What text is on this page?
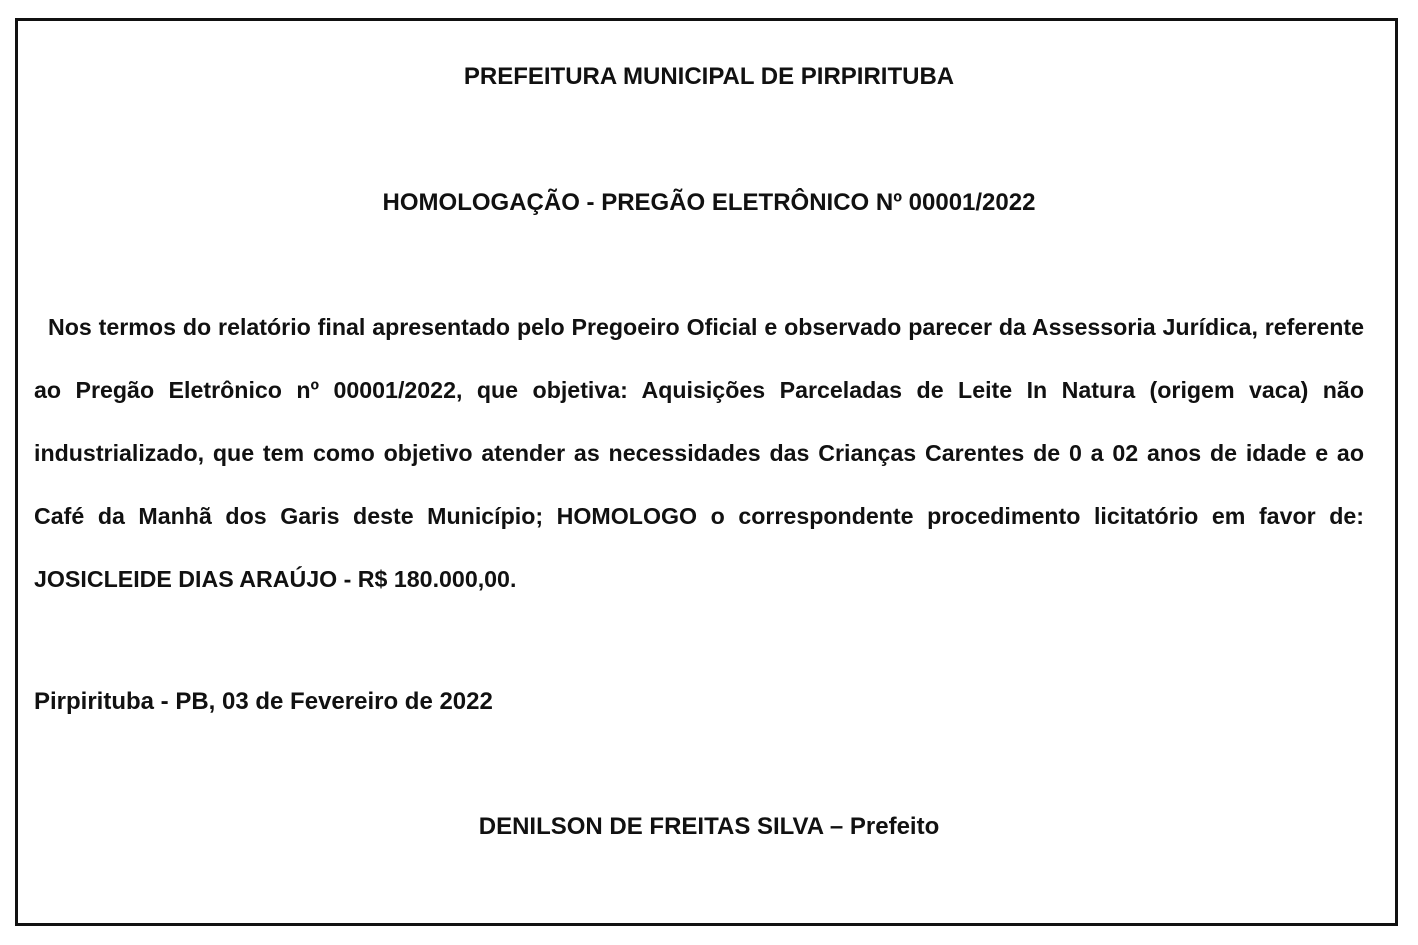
PREFEITURA MUNICIPAL DE PIRPIRITUBA
HOMOLOGAÇÃO - PREGÃO ELETRÔNICO Nº 00001/2022
Nos termos do relatório final apresentado pelo Pregoeiro Oficial e observado parecer da Assessoria Jurídica, referente ao Pregão Eletrônico nº 00001/2022, que objetiva: Aquisições Parceladas de Leite In Natura (origem vaca) não industrializado, que tem como objetivo atender as necessidades das Crianças Carentes de 0 a 02 anos de idade e ao Café da Manhã dos Garis deste Município; HOMOLOGO o correspondente procedimento licitatório em favor de: JOSICLEIDE DIAS ARAÚJO - R$ 180.000,00.
Pirpirituba - PB, 03 de Fevereiro de 2022
DENILSON DE FREITAS SILVA – Prefeito
